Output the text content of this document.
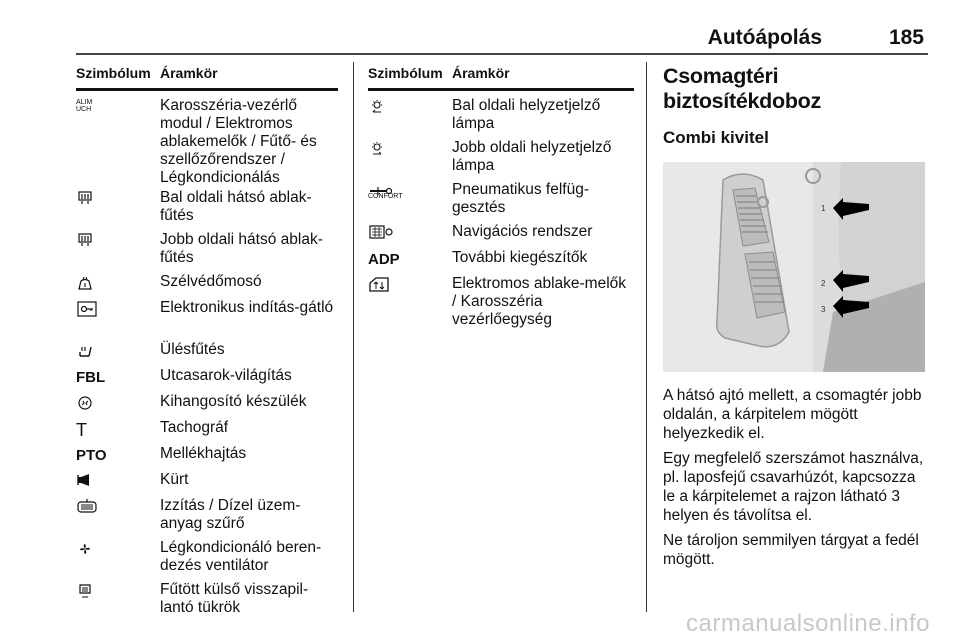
Autóápolás	185
Szimbólum Áramkör
ALIM UCH	Karosszéria-vezérlő modul / Elektromos ablakemelők / Fűtő- és szellőzőrendszer / Légkondicionálás
Bal oldali hátsó ablak-fűtés
Jobb oldali hátsó ablak-fűtés
Szélvédőmosó
Elektronikus indítás-gátló
Ülésfűtés
FBL	Utcasarok-világítás
Kihangosító készülék
T	Tachográf
PTO	Mellékhajtás
Kürt
Izzítás / Dízel üzem-anyag szűrő
Légkondicionáló beren-dezés ventilátor
Fűtött külső visszapil-lantó tükrök
Szimbólum Áramkör
Bal oldali helyzetjelző lámpa
Jobb oldali helyzetjelző lámpa
CONFORT	Pneumatikus felfüg-gesztés
Navigációs rendszer
ADP	További kiegészítők
Elektromos ablake-melők / Karosszéria vezérlőegység
Csomagtéri biztosítékdoboz
Combi kivitel
1
2
3

A hátsó ajtó mellett, a csomagtér jobb oldalán, a kárpitelem mögött helyezkedik el.

Egy megfelelő szerszámot használva, pl. laposfejű csavarhúzót, kapcsozza le a kárpitelemet a rajzon látható 3 helyen és távolítsa el.

Ne tároljon semmilyen tárgyat a fedél mögött.

carmanualsonline.info
